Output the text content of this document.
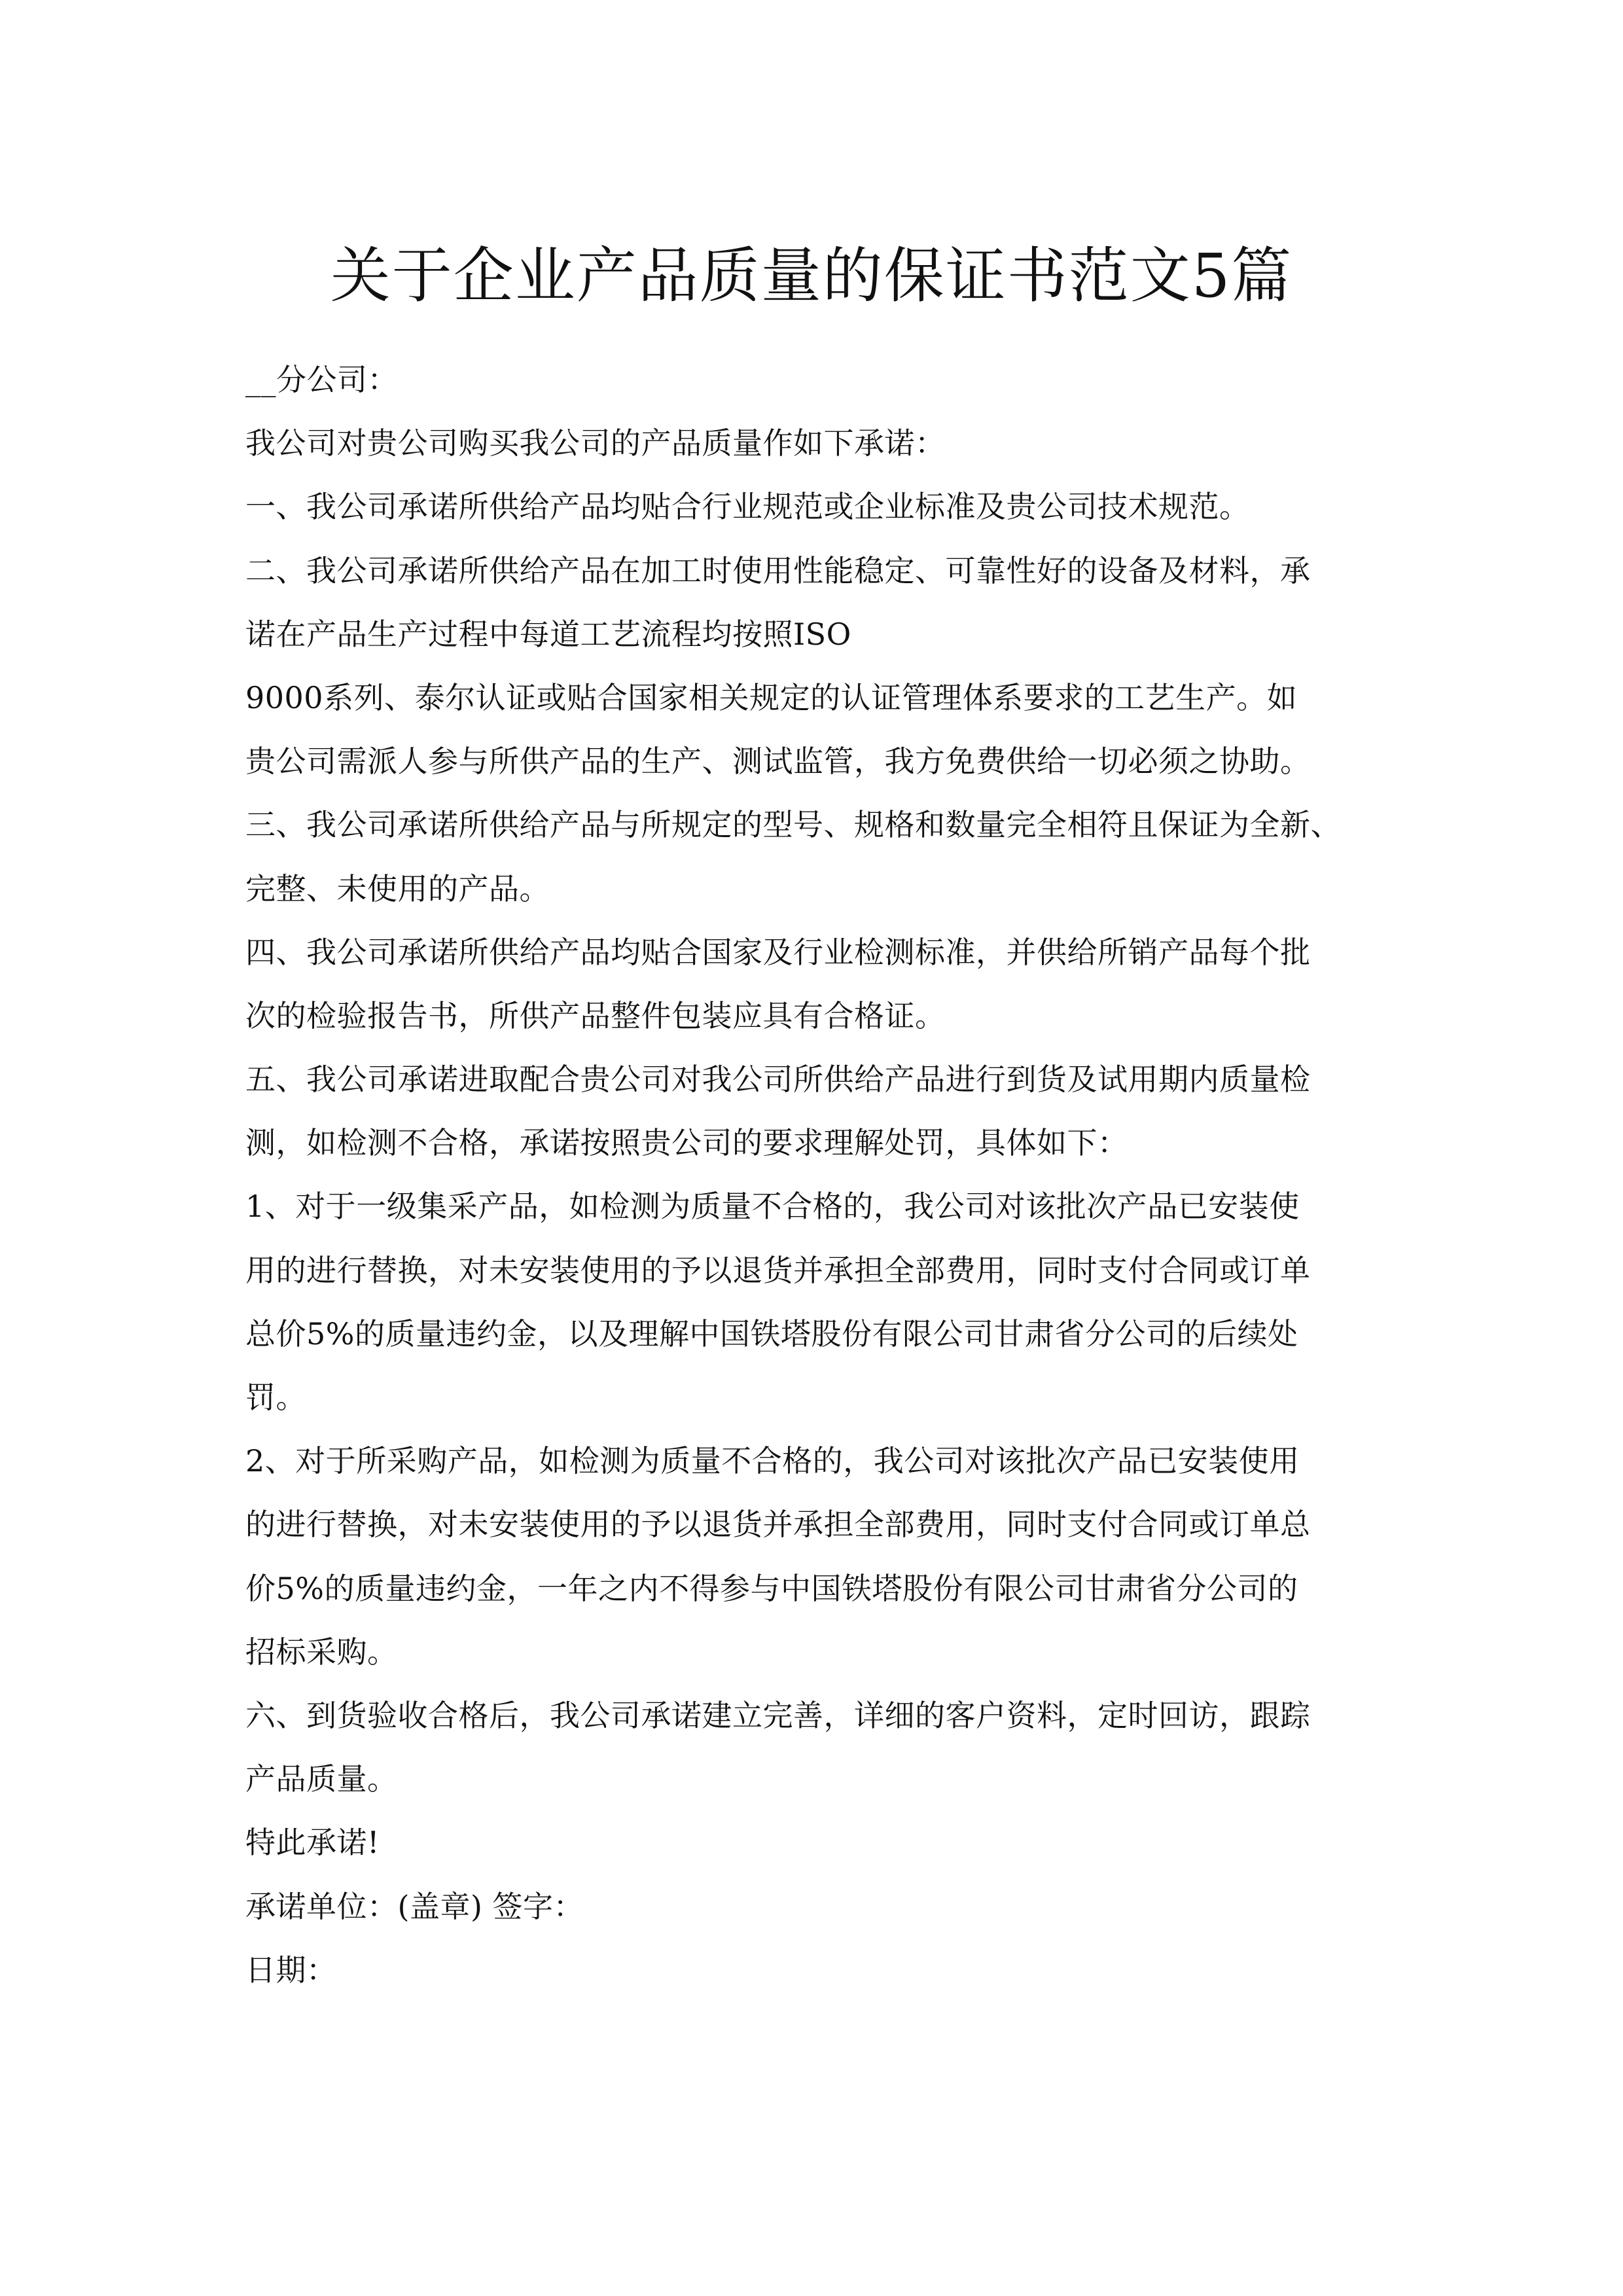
关于企业产品质量的保证书范文5篇
__分公司：
我公司对贵公司购买我公司的产品质量作如下承诺：
一、我公司承诺所供给产品均贴合行业规范或企业标准及贵公司技术规范。
二、我公司承诺所供给产品在加工时使用性能稳定、可靠性好的设备及材料，承
诺在产品生产过程中每道工艺流程均按照ISO
9000系列、泰尔认证或贴合国家相关规定的认证管理体系要求的工艺生产。如
贵公司需派人参与所供产品的生产、测试监管，我方免费供给一切必须之协助。
三、我公司承诺所供给产品与所规定的型号、规格和数量完全相符且保证为全新、
完整、未使用的产品。
四、我公司承诺所供给产品均贴合国家及行业检测标准，并供给所销产品每个批
次的检验报告书，所供产品整件包装应具有合格证。
五、我公司承诺进取配合贵公司对我公司所供给产品进行到货及试用期内质量检
测，如检测不合格，承诺按照贵公司的要求理解处罚，具体如下：
1、对于一级集采产品，如检测为质量不合格的，我公司对该批次产品已安装使
用的进行替换，对未安装使用的予以退货并承担全部费用，同时支付合同或订单
总价5%的质量违约金，以及理解中国铁塔股份有限公司甘肃省分公司的后续处
罚。
2、对于所采购产品，如检测为质量不合格的，我公司对该批次产品已安装使用
的进行替换，对未安装使用的予以退货并承担全部费用，同时支付合同或订单总
价5%的质量违约金，一年之内不得参与中国铁塔股份有限公司甘肃省分公司的
招标采购。
六、到货验收合格后，我公司承诺建立完善，详细的客户资料，定时回访，跟踪
产品质量。
特此承诺!
承诺单位：(盖章) 签字：
日期：
